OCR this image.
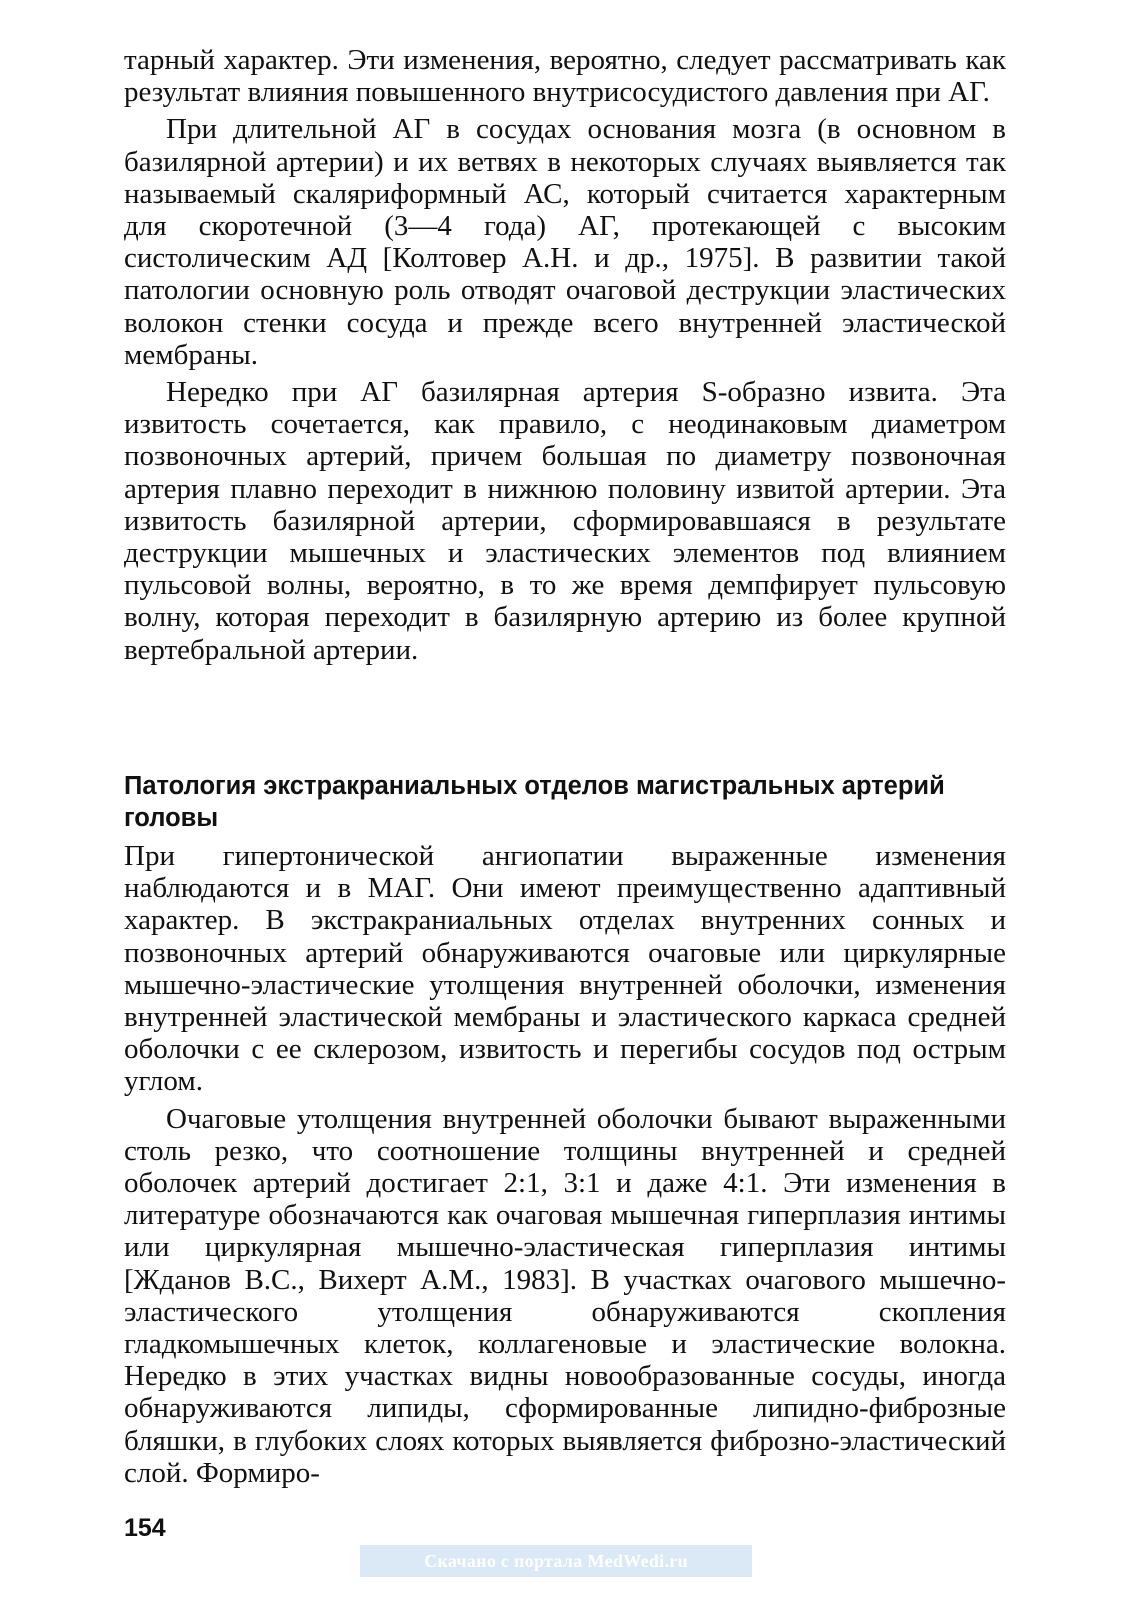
тарный характер. Эти изменения, вероятно, следует рассматривать как результат влияния повышенного внутрисосудистого давления при АГ.

При длительной АГ в сосудах основания мозга (в основном в базилярной артерии) и их ветвях в некоторых случаях выявляется так называемый скаляриформный АС, который считается характерным для скоротечной (3—4 года) АГ, протекающей с высоким систолическим АД [Колтовер А.Н. и др., 1975]. В развитии такой патологии основную роль отводят очаговой деструкции эластических волокон стенки сосуда и прежде всего внутренней эластической мембраны.

Нередко при АГ базилярная артерия S-образно извита. Эта извитость сочетается, как правило, с неодинаковым диаметром позвоночных артерий, причем большая по диаметру позвоночная артерия плавно переходит в нижнюю половину извитой артерии. Эта извитость базилярной артерии, сформировавшаяся в результате деструкции мышечных и эластических элементов под влиянием пульсовой волны, вероятно, в то же время демпфирует пульсовую волну, которая переходит в базилярную артерию из более крупной вертебральной артерии.

Патология экстракраниальных отделов магистральных артерий головы

При гипертонической ангиопатии выраженные изменения наблюдаются и в МАГ. Они имеют преимущественно адаптивный характер. В экстракраниальных отделах внутренних сонных и позвоночных артерий обнаруживаются очаговые или циркулярные мышечно-эластические утолщения внутренней оболочки, изменения внутренней эластической мембраны и эластического каркаса средней оболочки с ее склерозом, извитость и перегибы сосудов под острым углом.

Очаговые утолщения внутренней оболочки бывают выраженными столь резко, что соотношение толщины внутренней и средней оболочек артерий достигает 2:1, 3:1 и даже 4:1. Эти изменения в литературе обозначаются как очаговая мышечная гиперплазия интимы или циркулярная мышечно-эластическая гиперплазия интимы [Жданов В.С., Вихерт А.М., 1983]. В участках очагового мышечно-эластического утолщения обнаруживаются скопления гладкомышечных клеток, коллагеновые и эластические волокна. Нередко в этих участках видны новообразованные сосуды, иногда обнаруживаются липиды, сформированные липидно-фиброзные бляшки, в глубоких слоях которых выявляется фиброзно-эластический слой. Формиро-

154
Скачано с портала MedWedi.ru
